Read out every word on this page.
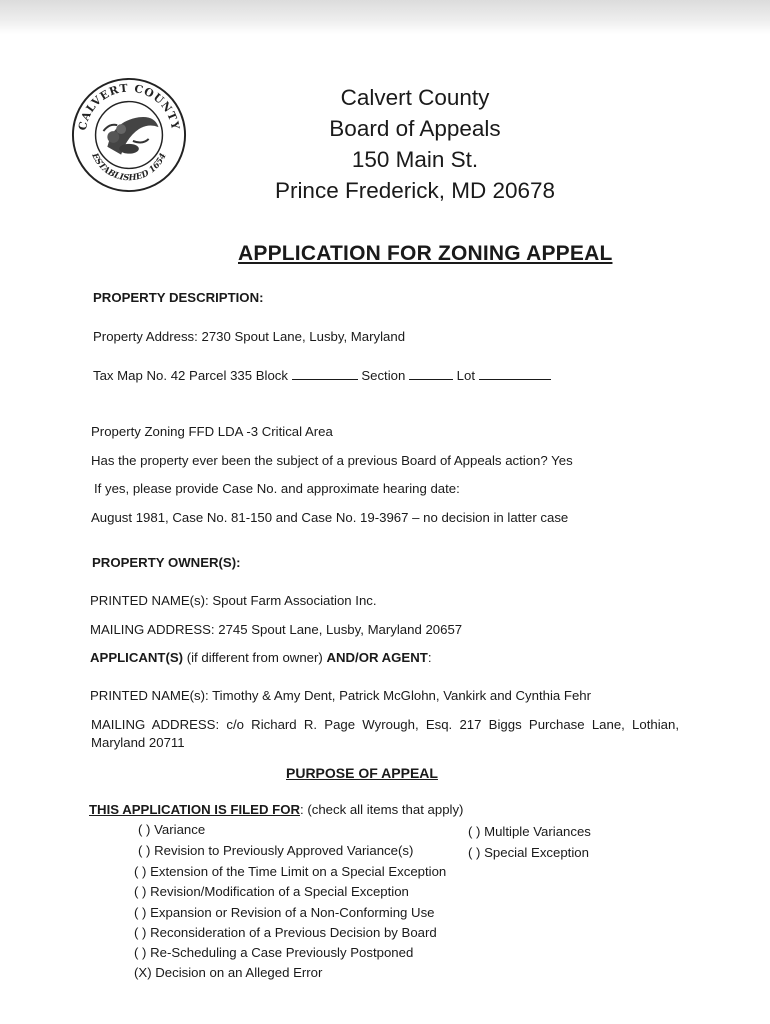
CALVERT COUNTY
ESTABLISHED 1654
Calvert County
Board of Appeals
150 Main St.
Prince Frederick, MD 20678
APPLICATION FOR ZONING APPEAL
PROPERTY DESCRIPTION:
Property Address: 2730 Spout Lane, Lusby, Maryland
Tax Map No. 42 Parcel 335 Block	Section	Lot
Property Zoning FFD LDA -3 Critical Area
Has the property ever been the subject of a previous Board of Appeals action? Yes
If yes, please provide Case No. and approximate hearing date:
August 1981, Case No. 81-150 and Case No. 19-3967 – no decision in latter case
PROPERTY OWNER(S):
PRINTED NAME(s): Spout Farm Association Inc.
MAILING ADDRESS: 2745 Spout Lane, Lusby, Maryland 20657
APPLICANT(S) (if different from owner) AND/OR AGENT:
PRINTED NAME(s): Timothy & Amy Dent, Patrick McGlohn, Vankirk and Cynthia Fehr
MAILING ADDRESS: c/o Richard R. Page Wyrough, Esq. 217 Biggs Purchase Lane, Lothian,
Maryland 20711
PURPOSE OF APPEAL
THIS APPLICATION IS FILED FOR: (check all items that apply)
( ) Variance
( ) Revision to Previously Approved Variance(s)
( ) Extension of the Time Limit on a Special Exception
( ) Revision/Modification of a Special Exception
( ) Expansion or Revision of a Non-Conforming Use
( ) Reconsideration of a Previous Decision by Board
( ) Re-Scheduling a Case Previously Postponed
(X) Decision on an Alleged Error
( ) Multiple Variances
( ) Special Exception
